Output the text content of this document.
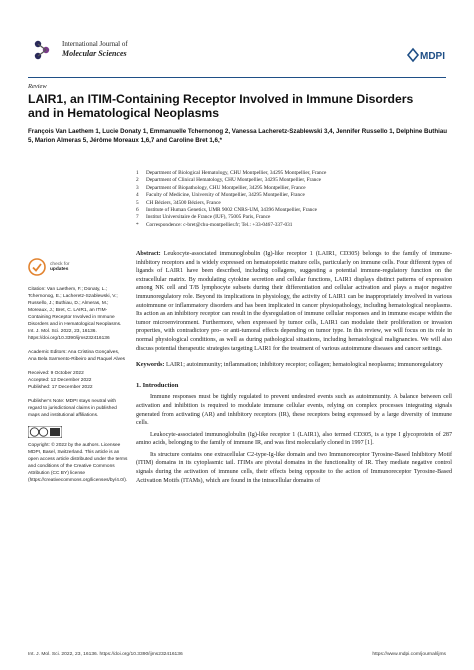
International Journal of
Molecular Sciences	MDPI
Review
LAIR1, an ITIM-Containing Receptor Involved in Immune Disorders and in Hematological Neoplasms
François Van Laethem 1, Lucie Donaty 1, Emmanuelle Tchernonog 2, Vanessa Lacheretz-Szablewski 3,4, Jennifer Russello 1, Delphine Buthiau 5, Marion Almeras 5, Jérôme Moreaux 1,6,7 and Caroline Bret 1,6,*
1	Department of Biological Hematology, CHU Montpellier, 34295 Montpellier, France
2	Department of Clinical Hematology, CHU Montpellier, 34295 Montpellier, France
3	Department of Biopathology, CHU Montpellier, 34295 Montpellier, France
4	Faculty of Medicine, University of Montpellier, 34295 Montpellier, France
5	CH Béziers, 34500 Béziers, France
6	Institute of Human Genetics, UMR 9002 CNRS-UM, 34396 Montpellier, France
7	Institut Universitaire de France (IUF), 75005 Paris, France
*	Correspondence: c-bret@chu-montpellier.fr; Tel.: +33-0467-337-031
check for
updates
Citation: Van Laethem, F.; Donaty, L.; Tchernonog, E.; Lacheretz-Szablewski, V.; Russello, J.; Buthiau, D.; Almeras, M.; Moreaux, J.; Bret, C. LAIR1, an ITIM-Containing Receptor Involved in Immune Disorders and in Hematological Neoplasms. Int. J. Mol. Sci. 2022, 23, 16136. https://doi.org/10.3390/ijms232416136
Academic Editors: Ana Cristina Gonçalves, Ana Bela Sarmento-Ribeiro and Raquel Alves
Received: 9 October 2022
Accepted: 12 December 2022
Published: 17 December 2022
Publisher’s Note: MDPI stays neutral with regard to jurisdictional claims in published maps and institutional affiliations.
Copyright: © 2022 by the authors. Licensee MDPI, Basel, Switzerland. This article is an open access article distributed under the terms and conditions of the Creative Commons Attribution (CC BY) license (https://creativecommons.org/licenses/by/4.0/).
Abstract: Leukocyte-associated immunoglobulin (Ig)-like receptor 1 (LAIR1, CD305) belongs to the family of immune-inhibitory receptors and is widely expressed on hematopoietic mature cells, particularly on immune cells. Four different types of ligands of LAIR1 have been described, including collagens, suggesting a potential immune-regulatory function on the extracellular matrix. By modulating cytokine secretion and cellular functions, LAIR1 displays distinct patterns of expression among NK cell and T/B lymphocyte subsets during their differentiation and cellular activation and plays a major negative immunoregulatory role. Beyond its implications in physiology, the activity of LAIR1 can be inappropriately involved in various autoimmune or inflammatory disorders and has been implicated in cancer physiopathology, including hematological neoplasms. Its action as an inhibitory receptor can result in the dysregulation of immune cellular responses and in immune escape within the tumor microenvironment. Furthermore, when expressed by tumor cells, LAIR1 can modulate their proliferation or invasion properties, with contradictory pro- or anti-tumoral effects depending on tumor type. In this review, we will focus on its role in normal physiological conditions, as well as during pathological situations, including hematological malignancies. We will also discuss potential therapeutic strategies targeting LAIR1 for the treatment of various autoimmune diseases and cancer settings.
Keywords: LAIR1; autoimmunity; inflammation; inhibitory receptor; collagen; hematological neoplasms; immunoregulatory
1. Introduction

Immune responses must be tightly regulated to prevent undesired events such as autoimmunity. A balance between cell activation and inhibition is required to modulate immune cellular events, relying on complex processes integrating signals generated from activating (AR) and inhibitory receptors (IR), these receptors being expressed by a large diversity of immune cells.

Leukocyte-associated immunoglobulin (Ig)-like receptor 1 (LAIR1), also termed CD305, is a type I glycoprotein of 287 amino acids, belonging to the family of immune IR, and was first molecularly cloned in 1997 [1].

Its structure contains one extracellular C2-type-Ig-like domain and two Immunoreceptor Tyrosine-Based Inhibitory Motif (ITIM) domains in its cytoplasmic tail. ITIMs are pivotal domains in the functionality of IR. They mediate negative control signals during the activation of immune cells, their effects being opposite to the action of Immunoreceptor Tyrosine-Based Activation Motifs (ITAMs), which are found in the intracellular domains of

Int. J. Mol. Sci. 2022, 23, 16136. https://doi.org/10.3390/ijms232416136	https://www.mdpi.com/journal/ijms
